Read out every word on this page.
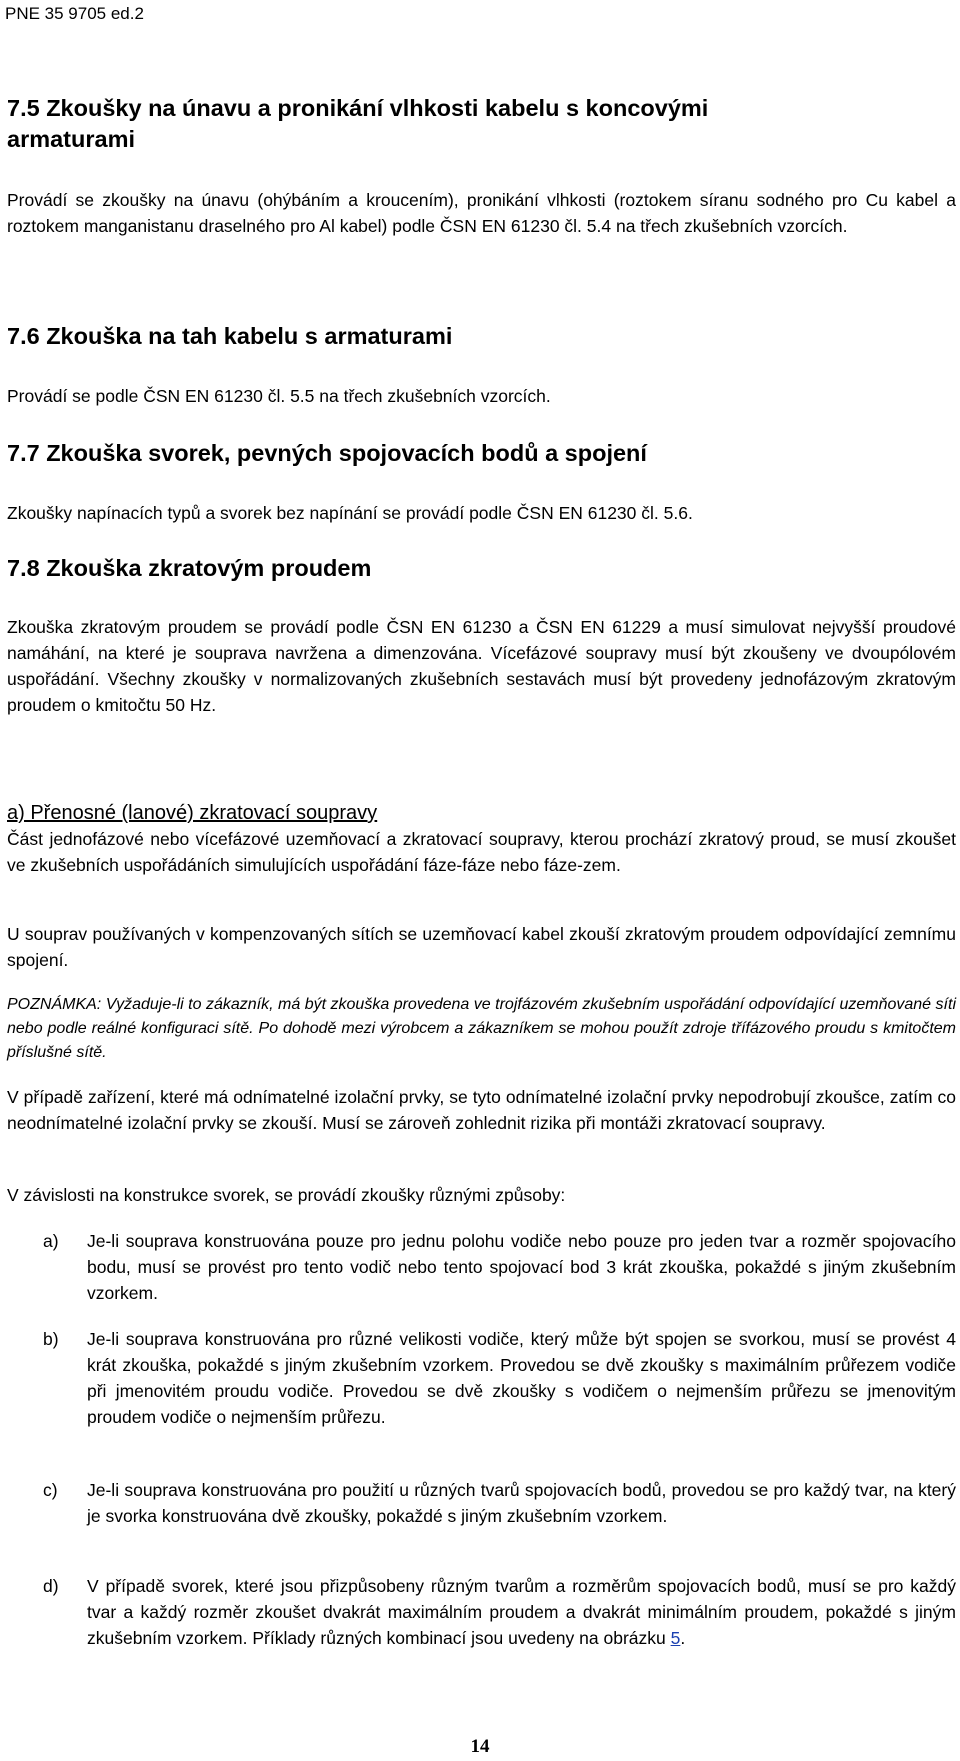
PNE 35 9705 ed.2
7.5 Zkoušky na únavu a pronikání vlhkosti kabelu s koncovými
armaturami

Provádí se zkoušky na únavu (ohýbáním a kroucením), pronikání vlhkosti (roztokem síranu sodného pro Cu kabel a roztokem manganistanu draselného pro Al kabel) podle ČSN EN 61230 čl. 5.4 na třech zkušebních vzorcích.

7.6 Zkouška na tah kabelu s armaturami

Provádí se podle ČSN EN 61230 čl. 5.5 na třech zkušebních vzorcích.

7.7 Zkouška svorek, pevných spojovacích bodů a spojení

Zkoušky napínacích typů a svorek bez napínání se provádí podle ČSN EN 61230 čl. 5.6.

7.8 Zkouška zkratovým proudem

Zkouška zkratovým proudem se provádí podle ČSN EN 61230 a ČSN EN 61229 a musí simulovat nejvyšší proudové namáhání, na které je souprava navržena a dimenzována. Vícefázové soupravy musí být zkoušeny ve dvoupólovém uspořádání. Všechny zkoušky v normalizovaných zkušebních sestavách musí být provedeny jednofázovým zkratovým proudem o kmitočtu 50 Hz.

a) Přenosné (lanové) zkratovací soupravy

Část jednofázové nebo vícefázové uzemňovací a zkratovací soupravy, kterou prochází zkratový proud, se musí zkoušet ve zkušebních uspořádáních simulujících uspořádání fáze-fáze nebo fáze-zem.

U souprav používaných v kompenzovaných sítích se uzemňovací kabel zkouší zkratovým proudem odpovídající zemnímu spojení.

POZNÁMKA: Vyžaduje-li to zákazník, má být zkouška provedena ve trojfázovém zkušebním uspořádání odpovídající uzemňované síti nebo podle reálné konfiguraci sítě. Po dohodě mezi výrobcem a zákazníkem se mohou použít zdroje třífázového proudu s kmitočtem příslušné sítě.

V případě zařízení, které má odnímatelné izolační prvky, se tyto odnímatelné izolační prvky nepodrobují zkoušce, zatím co neodnímatelné izolační prvky se zkouší. Musí se zároveň zohlednit rizika při montáži zkratovací soupravy.

V závislosti na konstrukce svorek, se provádí zkoušky různými způsoby:

a) Je-li souprava konstruována pouze pro jednu polohu vodiče nebo pouze pro jeden tvar a rozměr spojovacího bodu, musí se provést pro tento vodič nebo tento spojovací bod 3 krát zkouška, pokaždé s jiným zkušebním vzorkem.

b) Je-li souprava konstruována pro různé velikosti vodiče, který může být spojen se svorkou, musí se provést 4 krát zkouška, pokaždé s jiným zkušebním vzorkem. Provedou se dvě zkoušky s maximálním průřezem vodiče při jmenovitém proudu vodiče. Provedou se dvě zkoušky s vodičem o nejmenším průřezu se jmenovitým proudem vodiče o nejmenším průřezu.

c) Je-li souprava konstruována pro použití u různých tvarů spojovacích bodů, provedou se pro každý tvar, na který je svorka konstruována dvě zkoušky, pokaždé s jiným zkušebním vzorkem.

d) V případě svorek, které jsou přizpůsobeny různým tvarům a rozměrům spojovacích bodů, musí se pro každý tvar a každý rozměr zkoušet dvakrát maximálním proudem a dvakrát minimálním proudem, pokaždé s jiným zkušebním vzorkem. Příklady různých kombinací jsou uvedeny na obrázku 5.

14
